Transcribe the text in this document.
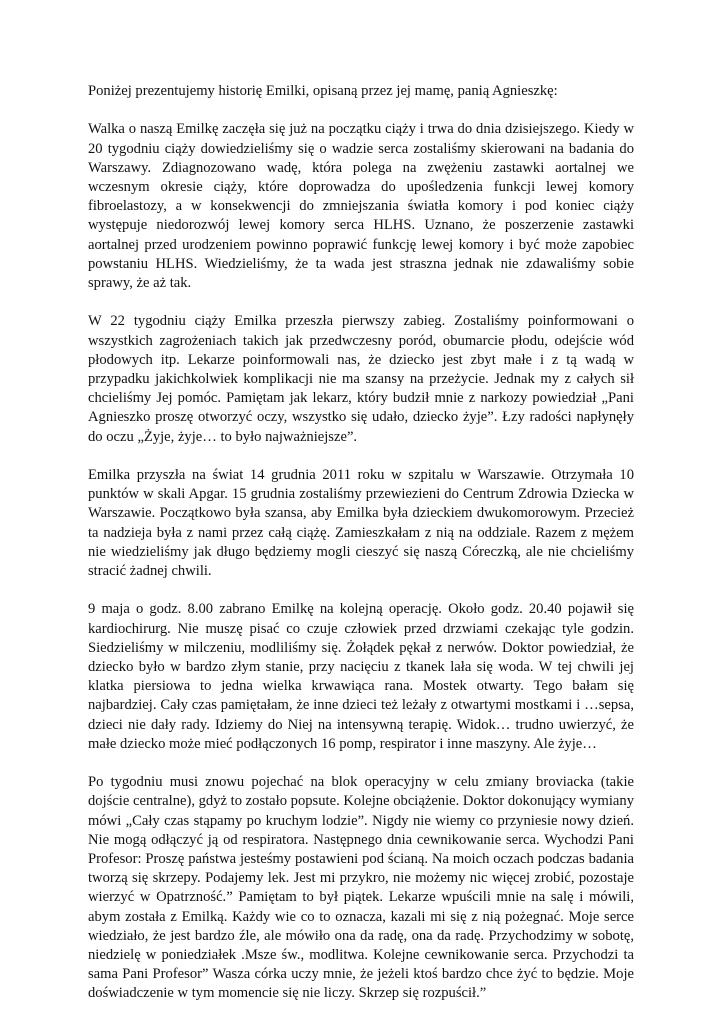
Poniżej prezentujemy historię Emilki, opisaną przez jej mamę, panią Agnieszkę:

Walka o naszą Emilkę zaczęła się już na początku ciąży i trwa do dnia dzisiejszego. Kiedy w 20 tygodniu ciąży dowiedzieliśmy się o wadzie serca zostaliśmy skierowani na badania do Warszawy. Zdiagnozowano wadę, która polega na zwężeniu zastawki aortalnej we wczesnym okresie ciąży, które doprowadza do upośledzenia funkcji lewej komory fibroelastozy, a w konsekwencji do zmniejszania światła komory i pod koniec ciąży występuje niedorozwój lewej komory serca HLHS. Uznano, że poszerzenie zastawki aortalnej przed urodzeniem powinno poprawić funkcję lewej komory i być może zapobiec powstaniu HLHS. Wiedzieliśmy, że ta wada jest straszna jednak nie zdawaliśmy sobie sprawy, że aż tak.

W 22 tygodniu ciąży Emilka przeszła pierwszy zabieg. Zostaliśmy poinformowani o wszystkich zagrożeniach takich jak przedwczesny poród, obumarcie płodu, odejście wód płodowych itp. Lekarze poinformowali nas, że dziecko jest zbyt małe i z tą wadą w przypadku jakichkolwiek komplikacji nie ma szansy na przeżycie. Jednak my z całych sił chcieliśmy Jej pomóc. Pamiętam jak lekarz, który budził mnie z narkozy powiedział „Pani Agnieszko proszę otworzyć oczy, wszystko się udało, dziecko żyje”. Łzy radości napłynęły do oczu „Żyje, żyje… to było najważniejsze”.

Emilka przyszła na świat 14 grudnia 2011 roku w szpitalu w Warszawie. Otrzymała 10 punktów w skali Apgar. 15 grudnia zostaliśmy przewiezieni do Centrum Zdrowia Dziecka w Warszawie. Początkowo była szansa, aby Emilka była dzieckiem dwukomorowym. Przecież ta nadzieja była z nami przez całą ciążę. Zamieszkałam z nią na oddziale. Razem z mężem nie wiedzieliśmy jak długo będziemy mogli cieszyć się naszą Córeczką, ale nie chcieliśmy stracić żadnej chwili.

9 maja o godz. 8.00 zabrano Emilkę na kolejną operację. Około godz. 20.40 pojawił się kardiochirurg. Nie muszę pisać co czuje człowiek przed drzwiami czekając tyle godzin. Siedzieliśmy w milczeniu, modliliśmy się. Żołądek pękał z nerwów. Doktor powiedział, że dziecko było w bardzo złym stanie, przy nacięciu z tkanek lała się woda. W tej chwili jej klatka piersiowa to jedna wielka krwawiąca rana. Mostek otwarty. Tego bałam się najbardziej. Cały czas pamiętałam, że inne dzieci też leżały z otwartymi mostkami i …sepsa, dzieci nie dały rady. Idziemy do Niej na intensywną terapię. Widok… trudno uwierzyć, że małe dziecko może mieć podłączonych 16 pomp, respirator i inne maszyny. Ale żyje…

Po tygodniu musi znowu pojechać na blok operacyjny w celu zmiany broviacka (takie dojście centralne), gdyż to zostało popsute. Kolejne obciążenie. Doktor dokonujący wymiany mówi „Cały czas stąpamy po kruchym lodzie”. Nigdy nie wiemy co przyniesie nowy dzień. Nie mogą odłączyć ją od respiratora. Następnego dnia cewnikowanie serca. Wychodzi Pani Profesor: Proszę państwa jesteśmy postawieni pod ścianą. Na moich oczach podczas badania tworzą się skrzepy. Podajemy lek. Jest mi przykro, nie możemy nic więcej zrobić, pozostaje wierzyć w Opatrzność.” Pamiętam to był piątek. Lekarze wpuścili mnie na salę i mówili, abym została z Emilką. Każdy wie co to oznacza, kazali mi się z nią pożegnać. Moje serce wiedziało, że jest bardzo źle, ale mówiło ona da radę, ona da radę. Przychodzimy w sobotę, niedzielę w poniedziałek .Msze św., modlitwa. Kolejne cewnikowanie serca. Przychodzi ta sama Pani Profesor” Wasza córka uczy mnie, że jeżeli ktoś bardzo chce żyć to będzie. Moje doświadczenie w tym momencie się nie liczy. Skrzep się rozpuścił.”
